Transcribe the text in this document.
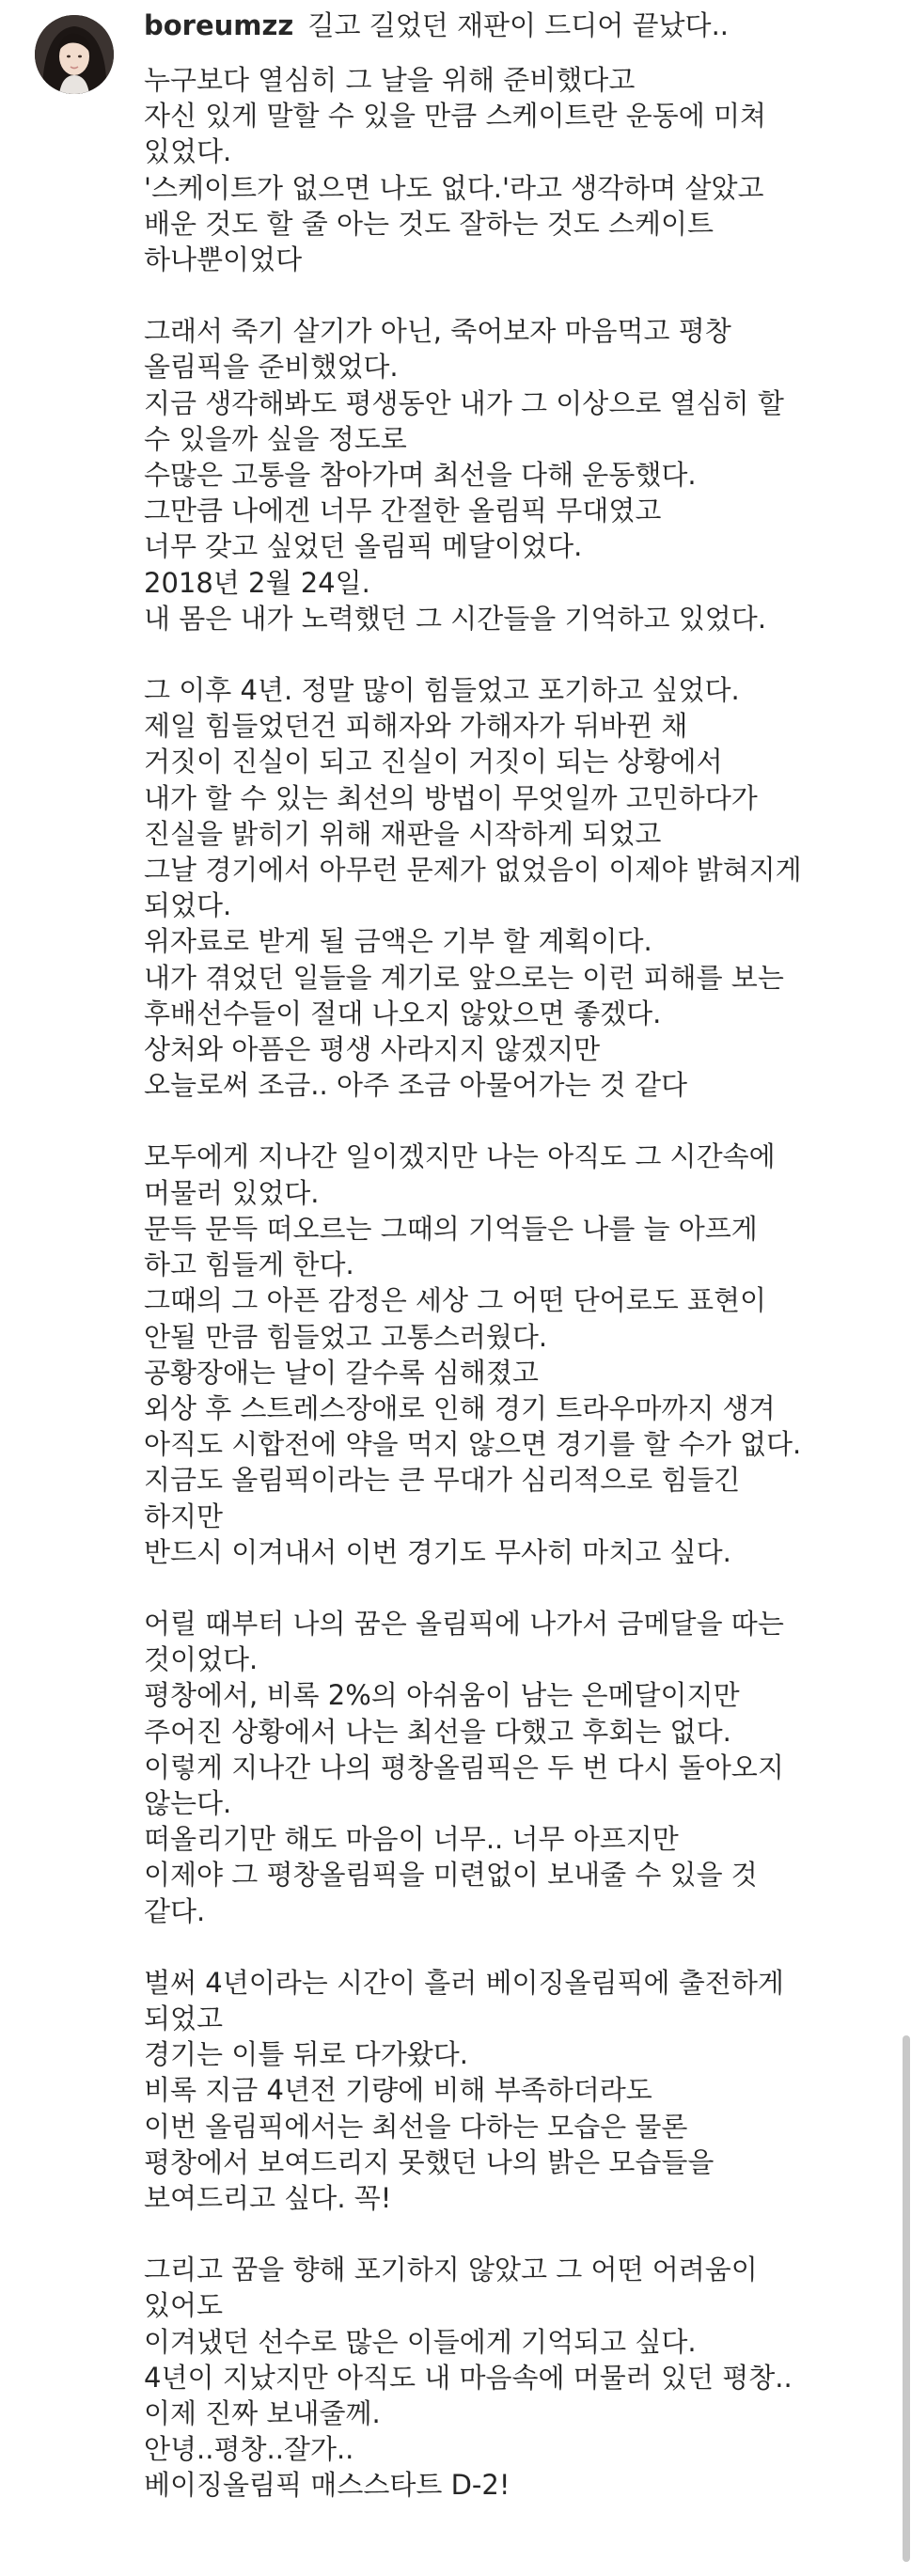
boreumzz 길고 길었던 재판이 드디어 끝났다..
누구보다 열심히 그 날을 위해 준비했다고
자신 있게 말할 수 있을 만큼 스케이트란 운동에 미쳐
있었다.
'스케이트가 없으면 나도 없다.'라고 생각하며 살았고
배운 것도 할 줄 아는 것도 잘하는 것도 스케이트
하나뿐이었다
그래서 죽기 살기가 아닌, 죽어보자 마음먹고 평창
올림픽을 준비했었다.
지금 생각해봐도 평생동안 내가 그 이상으로 열심히 할
수 있을까 싶을 정도로
수많은 고통을 참아가며 최선을 다해 운동했다.
그만큼 나에겐 너무 간절한 올림픽 무대였고
너무 갖고 싶었던 올림픽 메달이었다.
2018년 2월 24일.
내 몸은 내가 노력했던 그 시간들을 기억하고 있었다.
그 이후 4년. 정말 많이 힘들었고 포기하고 싶었다.
제일 힘들었던건 피해자와 가해자가 뒤바뀐 채
거짓이 진실이 되고 진실이 거짓이 되는 상황에서
내가 할 수 있는 최선의 방법이 무엇일까 고민하다가
진실을 밝히기 위해 재판을 시작하게 되었고
그날 경기에서 아무런 문제가 없었음이 이제야 밝혀지게
되었다.
위자료로 받게 될 금액은 기부 할 계획이다.
내가 겪었던 일들을 계기로 앞으로는 이런 피해를 보는
후배선수들이 절대 나오지 않았으면 좋겠다.
상처와 아픔은 평생 사라지지 않겠지만
오늘로써 조금.. 아주 조금 아물어가는 것 같다
모두에게 지나간 일이겠지만 나는 아직도 그 시간속에
머물러 있었다.
문득 문득 떠오르는 그때의 기억들은 나를 늘 아프게
하고 힘들게 한다.
그때의 그 아픈 감정은 세상 그 어떤 단어로도 표현이
안될 만큼 힘들었고 고통스러웠다.
공황장애는 날이 갈수록 심해졌고
외상 후 스트레스장애로 인해 경기 트라우마까지 생겨
아직도 시합전에 약을 먹지 않으면 경기를 할 수가 없다.
지금도 올림픽이라는 큰 무대가 심리적으로 힘들긴
하지만
반드시 이겨내서 이번 경기도 무사히 마치고 싶다.
어릴 때부터 나의 꿈은 올림픽에 나가서 금메달을 따는
것이었다.
평창에서, 비록 2%의 아쉬움이 남는 은메달이지만
주어진 상황에서 나는 최선을 다했고 후회는 없다.
이렇게 지나간 나의 평창올림픽은 두 번 다시 돌아오지
않는다.
떠올리기만 해도 마음이 너무.. 너무 아프지만
이제야 그 평창올림픽을 미련없이 보내줄 수 있을 것
같다.
벌써 4년이라는 시간이 흘러 베이징올림픽에 출전하게
되었고
경기는 이틀 뒤로 다가왔다.
비록 지금 4년전 기량에 비해 부족하더라도
이번 올림픽에서는 최선을 다하는 모습은 물론
평창에서 보여드리지 못했던 나의 밝은 모습들을
보여드리고 싶다. 꼭!
그리고 꿈을 향해 포기하지 않았고 그 어떤 어려움이
있어도
이겨냈던 선수로 많은 이들에게 기억되고 싶다.
4년이 지났지만 아직도 내 마음속에 머물러 있던 평창..
이제 진짜 보내줄께.
안녕..평창..잘가..
베이징올림픽 매스스타트 D-2!
